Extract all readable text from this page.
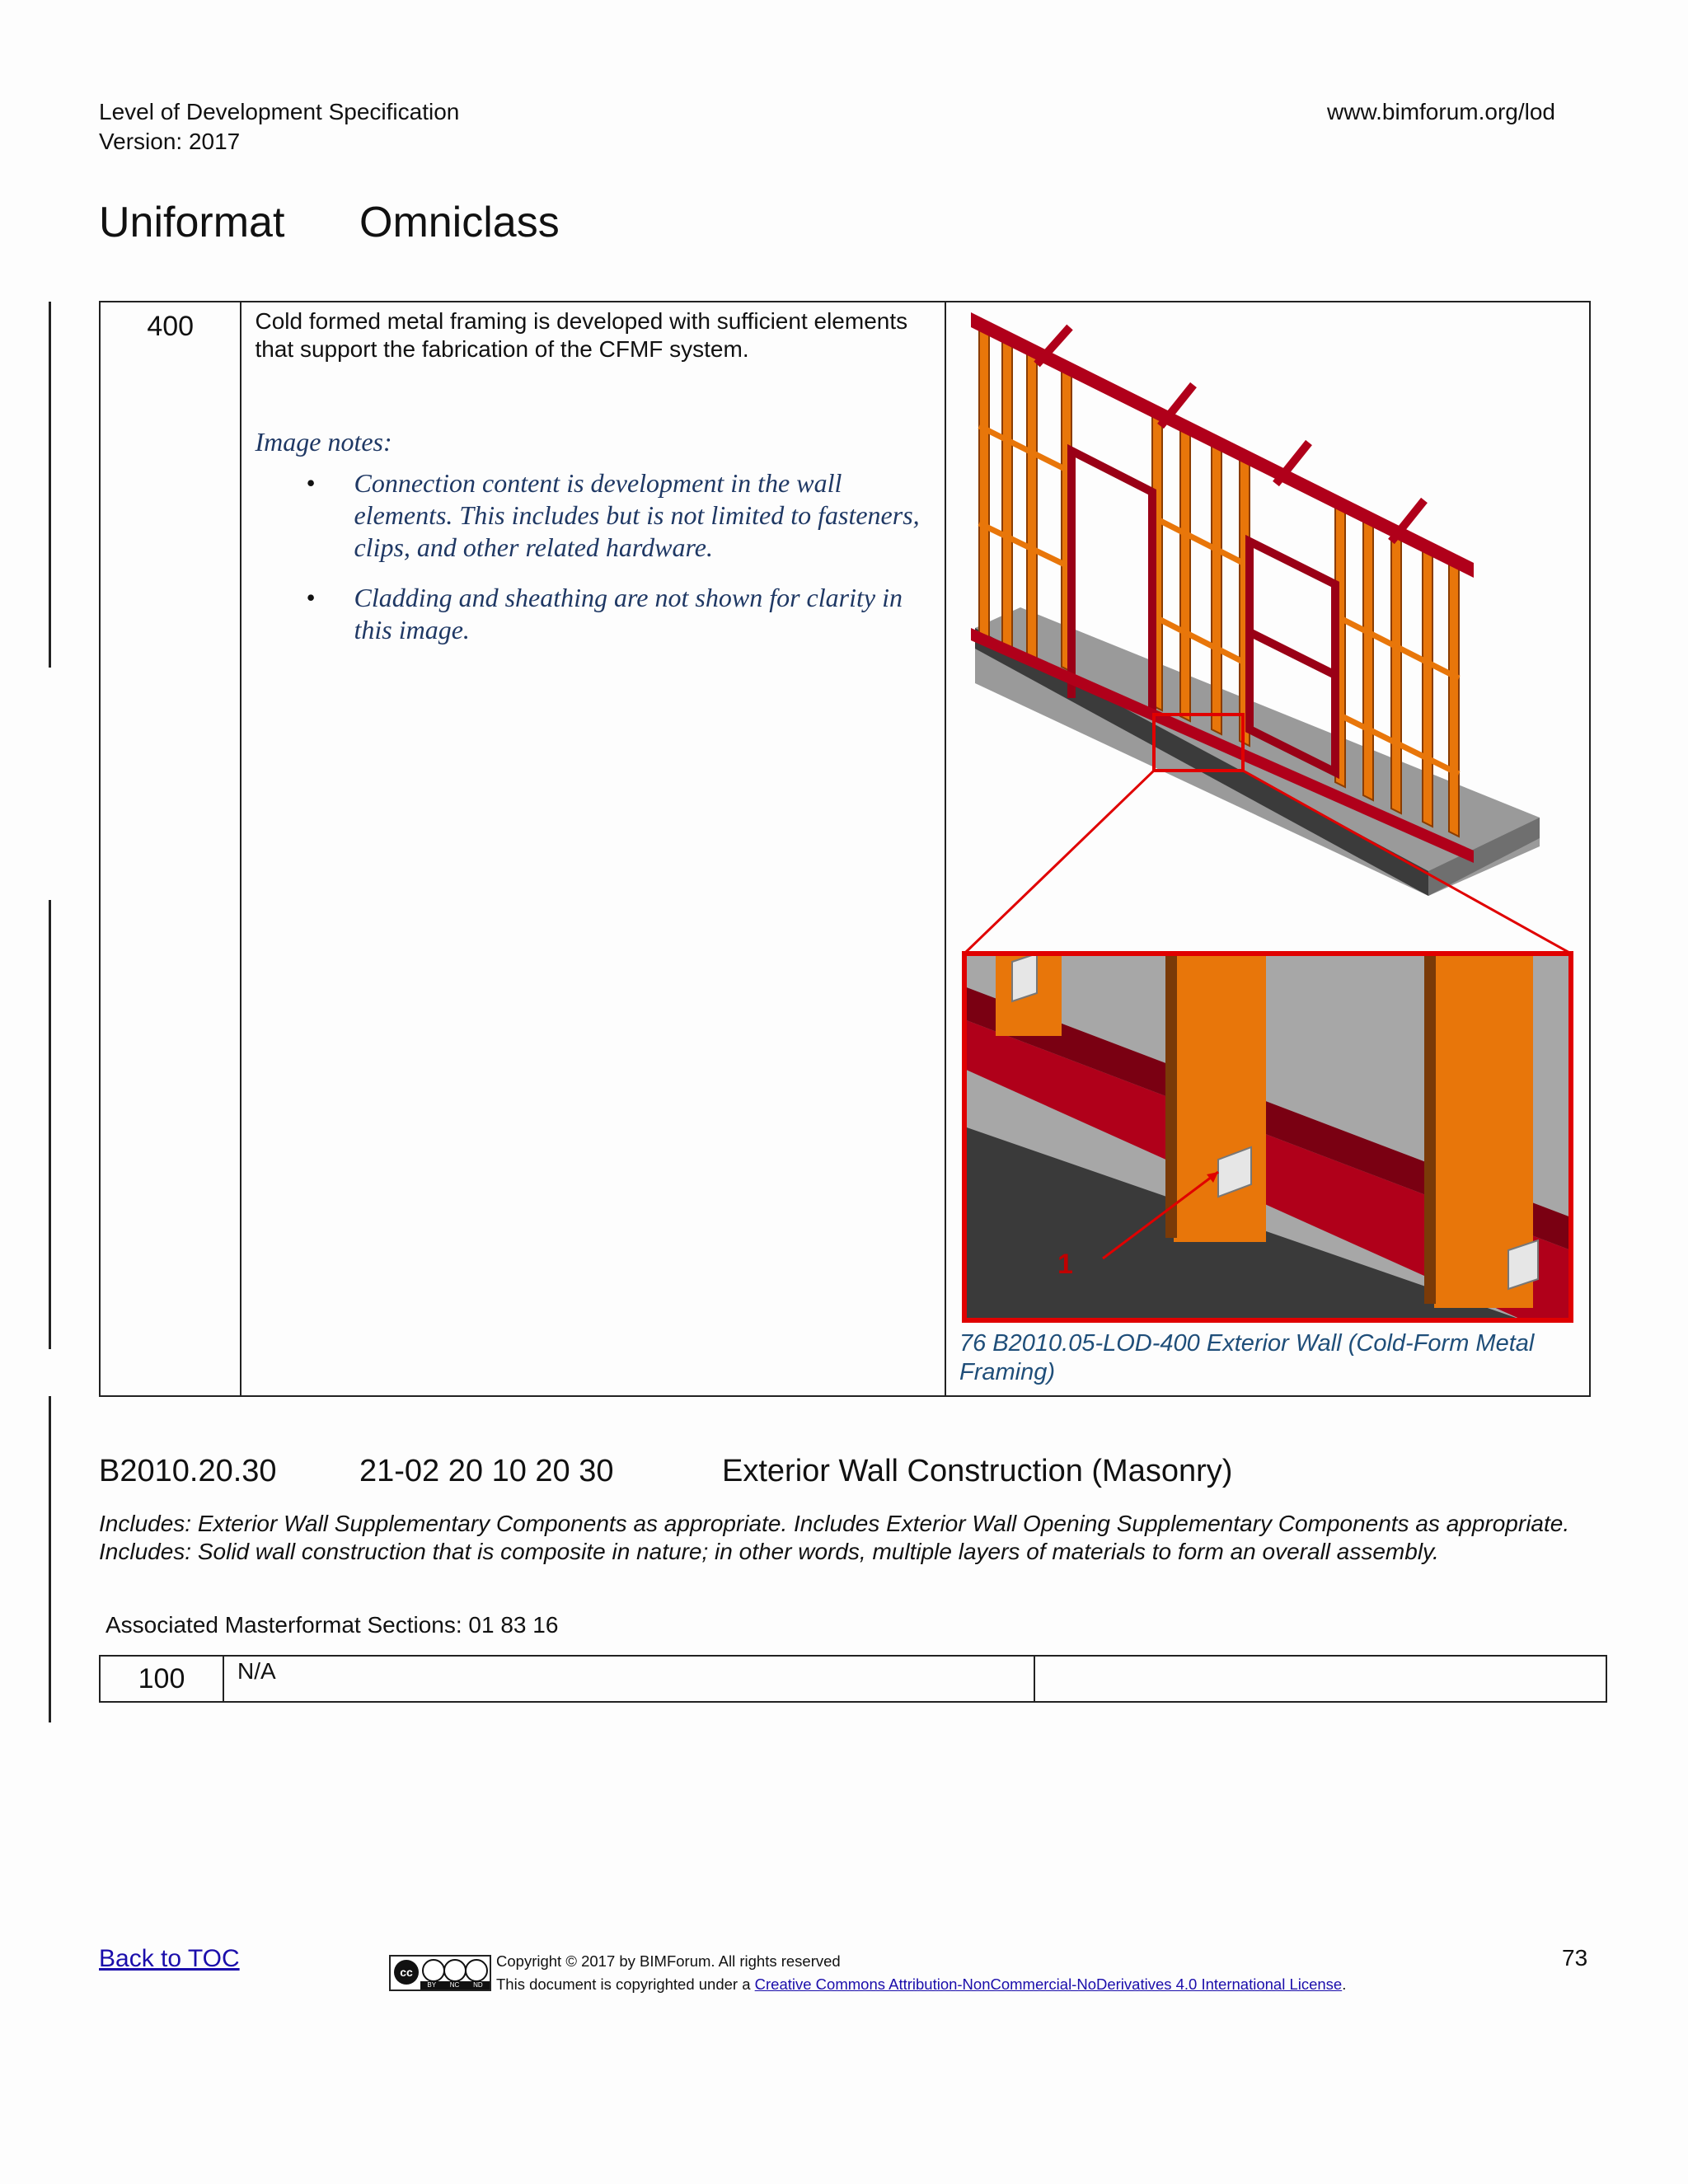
Level of Development Specification
Version: 2017
www.bimforum.org/lod
Uniformat Omniclass
400	Cold formed metal framing is developed with sufficient elements that support the fabrication of the CFMF system.
Image notes:
• Connection content is development in the wall elements. This includes but is not limited to fasteners, clips, and other related hardware.
• Cladding and sheathing are not shown for clarity in this image.

1
76 B2010.05-LOD-400 Exterior Wall (Cold-Form Metal Framing)
B2010.20.30	21-02 20 10 20 30	Exterior Wall Construction (Masonry)
Includes: Exterior Wall Supplementary Components as appropriate. Includes Exterior Wall Opening Supplementary Components as appropriate. Includes: Solid wall construction that is composite in nature; in other words, multiple layers of materials to form an overall assembly.
Associated Masterformat Sections: 01 83 16
100	N/A	
Back to TOC	cc
BY NC ND
Copyright © 2017 by BIMForum. All rights reserved
This document is copyrighted under a Creative Commons Attribution-NonCommercial-NoDerivatives 4.0 International License.
73
